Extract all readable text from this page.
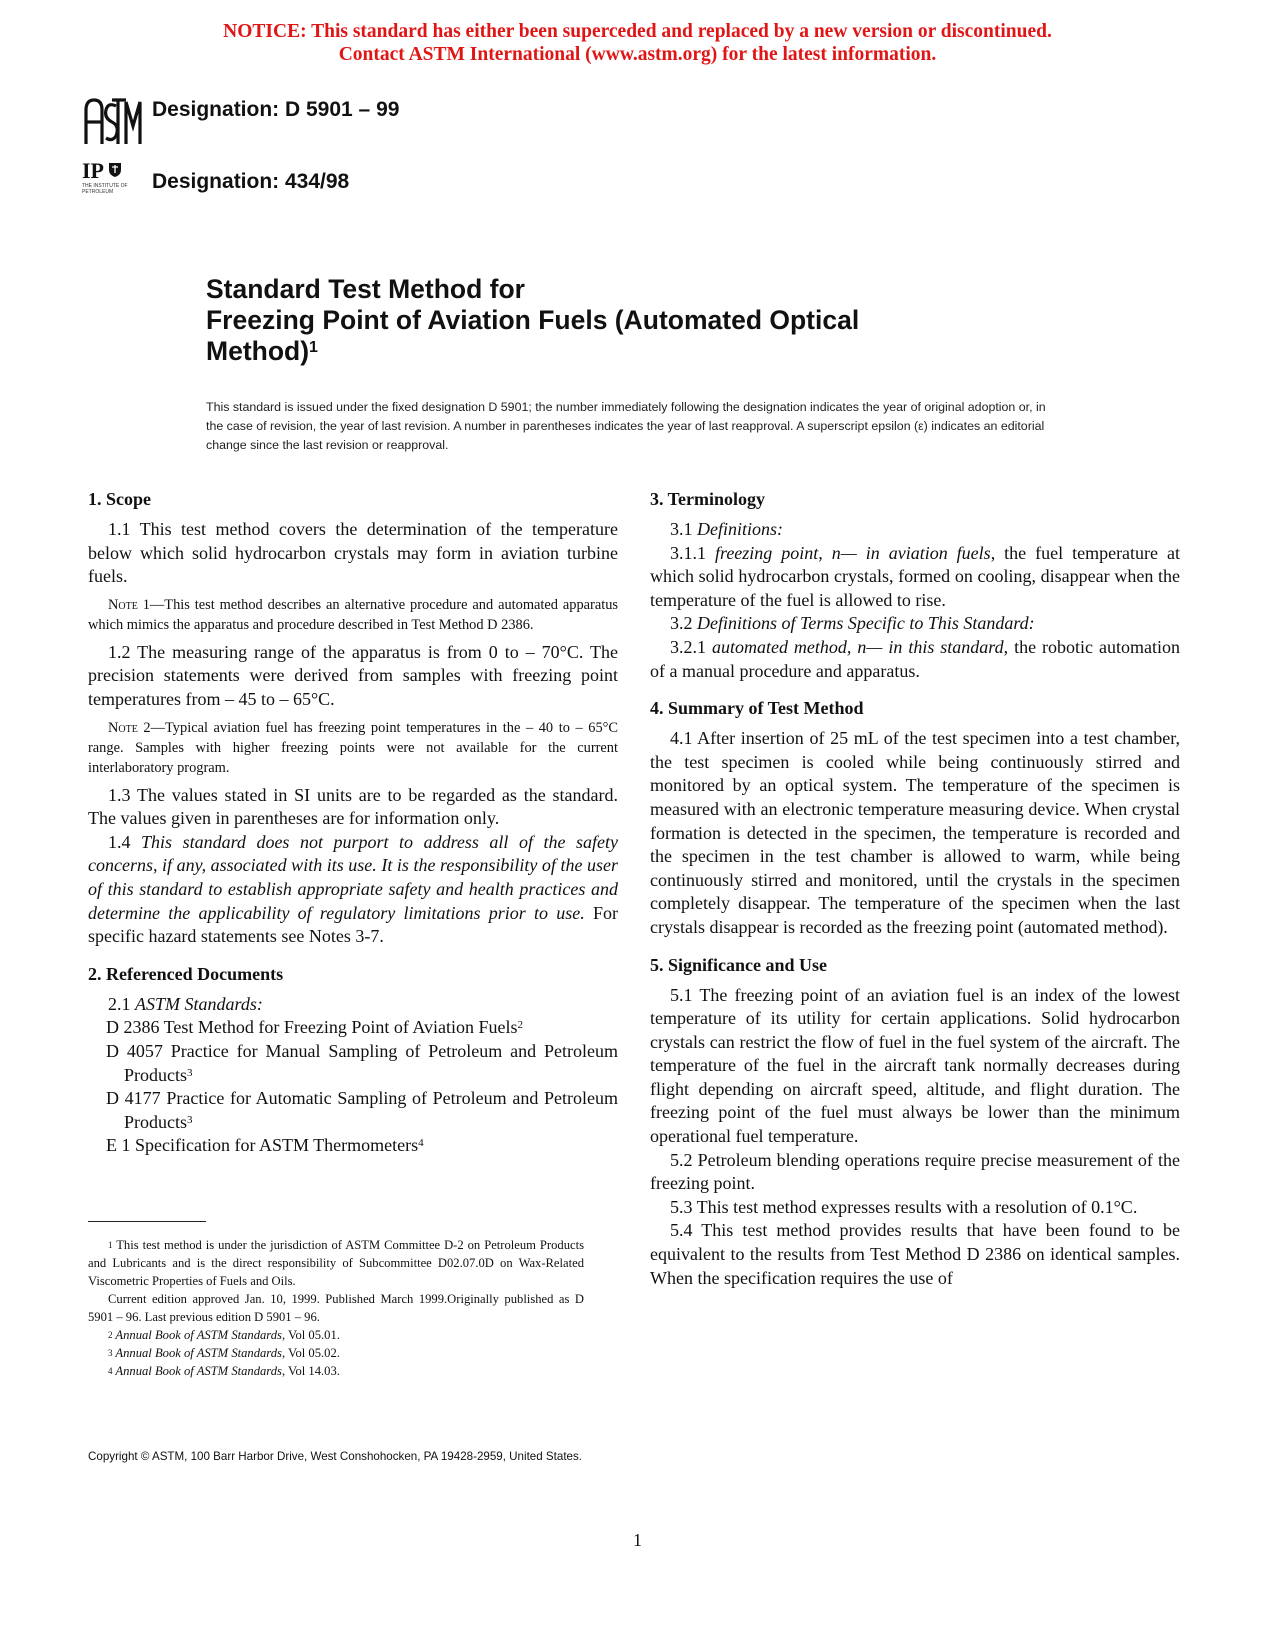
NOTICE: This standard has either been superceded and replaced by a new version or discontinued.
Contact ASTM International (www.astm.org) for the latest information.
Designation: D 5901 – 99
IP
THE INSTITUTE OF PETROLEUM	Designation: 434/98
Standard Test Method for
Freezing Point of Aviation Fuels (Automated Optical
Method)$^1$
This standard is issued under the fixed designation D 5901; the number immediately following the designation indicates the year of original adoption or, in the case of revision, the year of last revision. A number in parentheses indicates the year of last reapproval. A superscript epsilon (ε) indicates an editorial change since the last revision or reapproval.
1. Scope

1.1 This test method covers the determination of the temperature below which solid hydrocarbon crystals may form in aviation turbine fuels.

Note 1—This test method describes an alternative procedure and automated apparatus which mimics the apparatus and procedure described in Test Method D 2386.

1.2 The measuring range of the apparatus is from 0 to – 70°C. The precision statements were derived from samples with freezing point temperatures from – 45 to – 65°C.

Note 2—Typical aviation fuel has freezing point temperatures in the – 40 to – 65°C range. Samples with higher freezing points were not available for the current interlaboratory program.

1.3 The values stated in SI units are to be regarded as the standard. The values given in parentheses are for information only.

1.4 This standard does not purport to address all of the safety concerns, if any, associated with its use. It is the responsibility of the user of this standard to establish appropriate safety and health practices and determine the applicability of regulatory limitations prior to use. For specific hazard statements see Notes 3-7.

2. Referenced Documents

2.1 ASTM Standards:

D 2386 Test Method for Freezing Point of Aviation Fuels$^2$

D 4057 Practice for Manual Sampling of Petroleum and Petroleum Products$^3$

D 4177 Practice for Automatic Sampling of Petroleum and Petroleum Products$^3$

E 1 Specification for ASTM Thermometers$^4$

3. Terminology

3.1 Definitions:

3.1.1 freezing point, n— in aviation fuels, the fuel temperature at which solid hydrocarbon crystals, formed on cooling, disappear when the temperature of the fuel is allowed to rise.

3.2 Definitions of Terms Specific to This Standard:

3.2.1 automated method, n— in this standard, the robotic automation of a manual procedure and apparatus.

4. Summary of Test Method

4.1 After insertion of 25 mL of the test specimen into a test chamber, the test specimen is cooled while being continuously stirred and monitored by an optical system. The temperature of the specimen is measured with an electronic temperature measuring device. When crystal formation is detected in the specimen, the temperature is recorded and the specimen in the test chamber is allowed to warm, while being continuously stirred and monitored, until the crystals in the specimen completely disappear. The temperature of the specimen when the last crystals disappear is recorded as the freezing point (automated method).

5. Significance and Use

5.1 The freezing point of an aviation fuel is an index of the lowest temperature of its utility for certain applications. Solid hydrocarbon crystals can restrict the flow of fuel in the fuel system of the aircraft. The temperature of the fuel in the aircraft tank normally decreases during flight depending on aircraft speed, altitude, and flight duration. The freezing point of the fuel must always be lower than the minimum operational fuel temperature.

5.2 Petroleum blending operations require precise measurement of the freezing point.

5.3 This test method expresses results with a resolution of 0.1°C.

5.4 This test method provides results that have been found to be equivalent to the results from Test Method D 2386 on identical samples. When the specification requires the use of

$^1$ This test method is under the jurisdiction of ASTM Committee D-2 on Petroleum Products and Lubricants and is the direct responsibility of Subcommittee D02.07.0D on Wax-Related Viscometric Properties of Fuels and Oils.

Current edition approved Jan. 10, 1999. Published March 1999.Originally published as D 5901 – 96. Last previous edition D 5901 – 96.

$^2$ Annual Book of ASTM Standards, Vol 05.01.

$^3$ Annual Book of ASTM Standards, Vol 05.02.

$^4$ Annual Book of ASTM Standards, Vol 14.03.

Copyright © ASTM, 100 Barr Harbor Drive, West Conshohocken, PA 19428-2959, United States.
1
